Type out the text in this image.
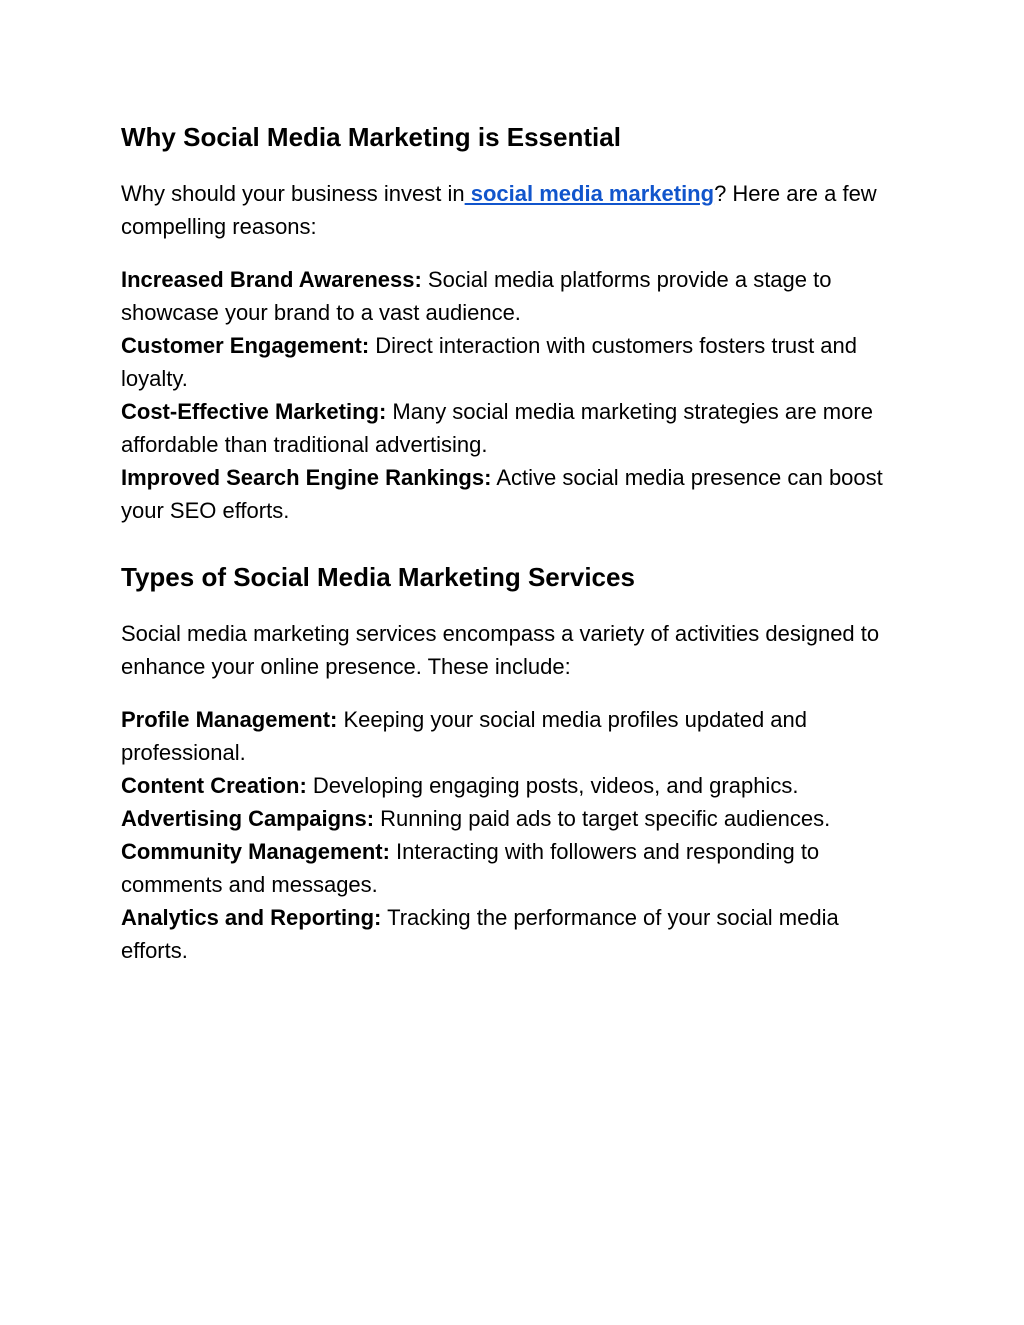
Why Social Media Marketing is Essential

Why should your business invest in social media marketing? Here are a few compelling reasons:

Increased Brand Awareness: Social media platforms provide a stage to showcase your brand to a vast audience.

Customer Engagement: Direct interaction with customers fosters trust and loyalty.

Cost-Effective Marketing: Many social media marketing strategies are more affordable than traditional advertising.

Improved Search Engine Rankings: Active social media presence can boost your SEO efforts.

Types of Social Media Marketing Services

Social media marketing services encompass a variety of activities designed to enhance your online presence. These include:

Profile Management: Keeping your social media profiles updated and professional.

Content Creation: Developing engaging posts, videos, and graphics.

Advertising Campaigns: Running paid ads to target specific audiences.

Community Management: Interacting with followers and responding to comments and messages.

Analytics and Reporting: Tracking the performance of your social media efforts.
